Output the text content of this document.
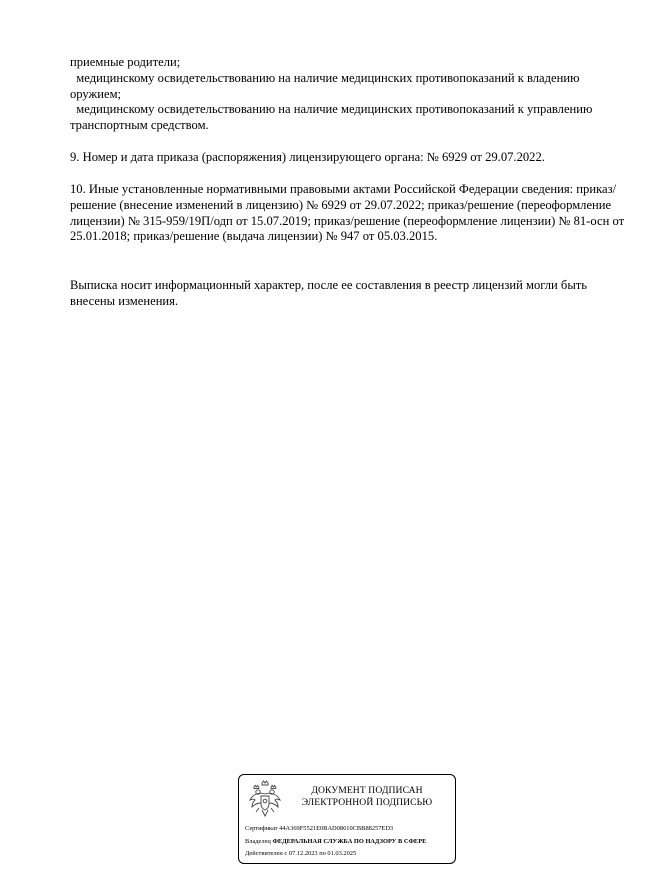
приемные родители;

медицинскому освидетельствованию на наличие медицинских противопоказаний к владению оружием;

медицинскому освидетельствованию на наличие медицинских противопоказаний к управлению транспортным средством.

9. Номер и дата приказа (распоряжения) лицензирующего органа: № 6929 от 29.07.2022.

10. Иные установленные нормативными правовыми актами Российской Федерации сведения: приказ/решение (внесение изменений в лицензию) № 6929 от 29.07.2022; приказ/решение (переоформление лицензии) № 315-959/19П/одп от 15.07.2019; приказ/решение (переоформление лицензии) № 81-осн от 25.01.2018; приказ/решение (выдача лицензии) № 947 от 05.03.2015.

Выписка носит информационный характер, после ее составления в реестр лицензий могли быть внесены изменения.

ДОКУМЕНТ ПОДПИСАН
ЭЛЕКТРОННОЙ ПОДПИСЬЮ
Сертификат 44A369F5521E0BAD08610CBB88257ED3
Владелец ФЕДЕРАЛЬНАЯ СЛУЖБА ПО НАДЗОРУ В СФЕРЕ
Действителен с 07.12.2023 по 01.03.2025
